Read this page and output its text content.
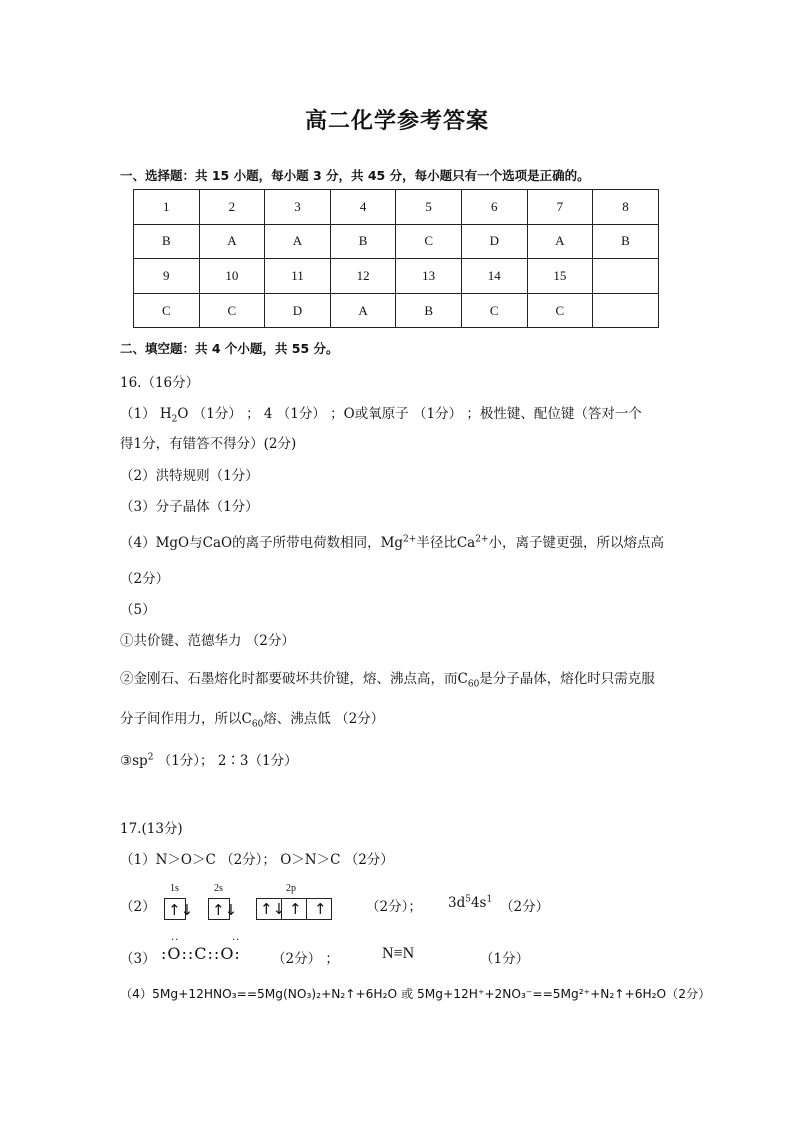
高二化学参考答案
一、选择题：共 15 小题，每小题 3 分，共 45 分，每小题只有一个选项是正确的。
1	2	3	4	5	6	7	8
B	A	A	B	C	D	A	B
9	10	11	12	13	14	15	
C	C	D	A	B	C	C	
二、填空题：共 4 个小题，共 55 分。
16.（16分）
（1） $H_2O$ （1分） ； 4 （1分） ；O或氧原子 （1分） ；极性键、配位键（答对一个
得1分，有错答不得分）(2分)
（2）洪特规则（1分）
（3）分子晶体（1分）
（4）MgO与CaO的离子所带电荷数相同，$Mg^{2+}$半径比$Ca^{2+}$小，离子键更强，所以熔点高
（2分）
（5）
①共价键、范德华力 （2分）
②金刚石、石墨熔化时都要破坏共价键，熔、沸点高，而$C_{60}$是分子晶体，熔化时只需克服
分子间作用力，所以$C_{60}$熔、沸点低 （2分）
$③sp^2$ （1分）； 2∶3（1分）
17.(13分)
（1）N＞O＞C （2分）； O＞N＞C （2分）
（2）
1s
↑↓
2s
↑↓
2p
↑↓ ↑ ↑	（2分）； $3d^54s^1$ （2分）
（3） :O::C::O:
··	··
（2分） ；	N≡N	（1分）
（4）5Mg+12HNO₃==5Mg(NO₃)₂+N₂↑+6H₂O 或 5Mg+12H⁺+2NO₃⁻==5Mg²⁺+N₂↑+6H₂O（2分）
